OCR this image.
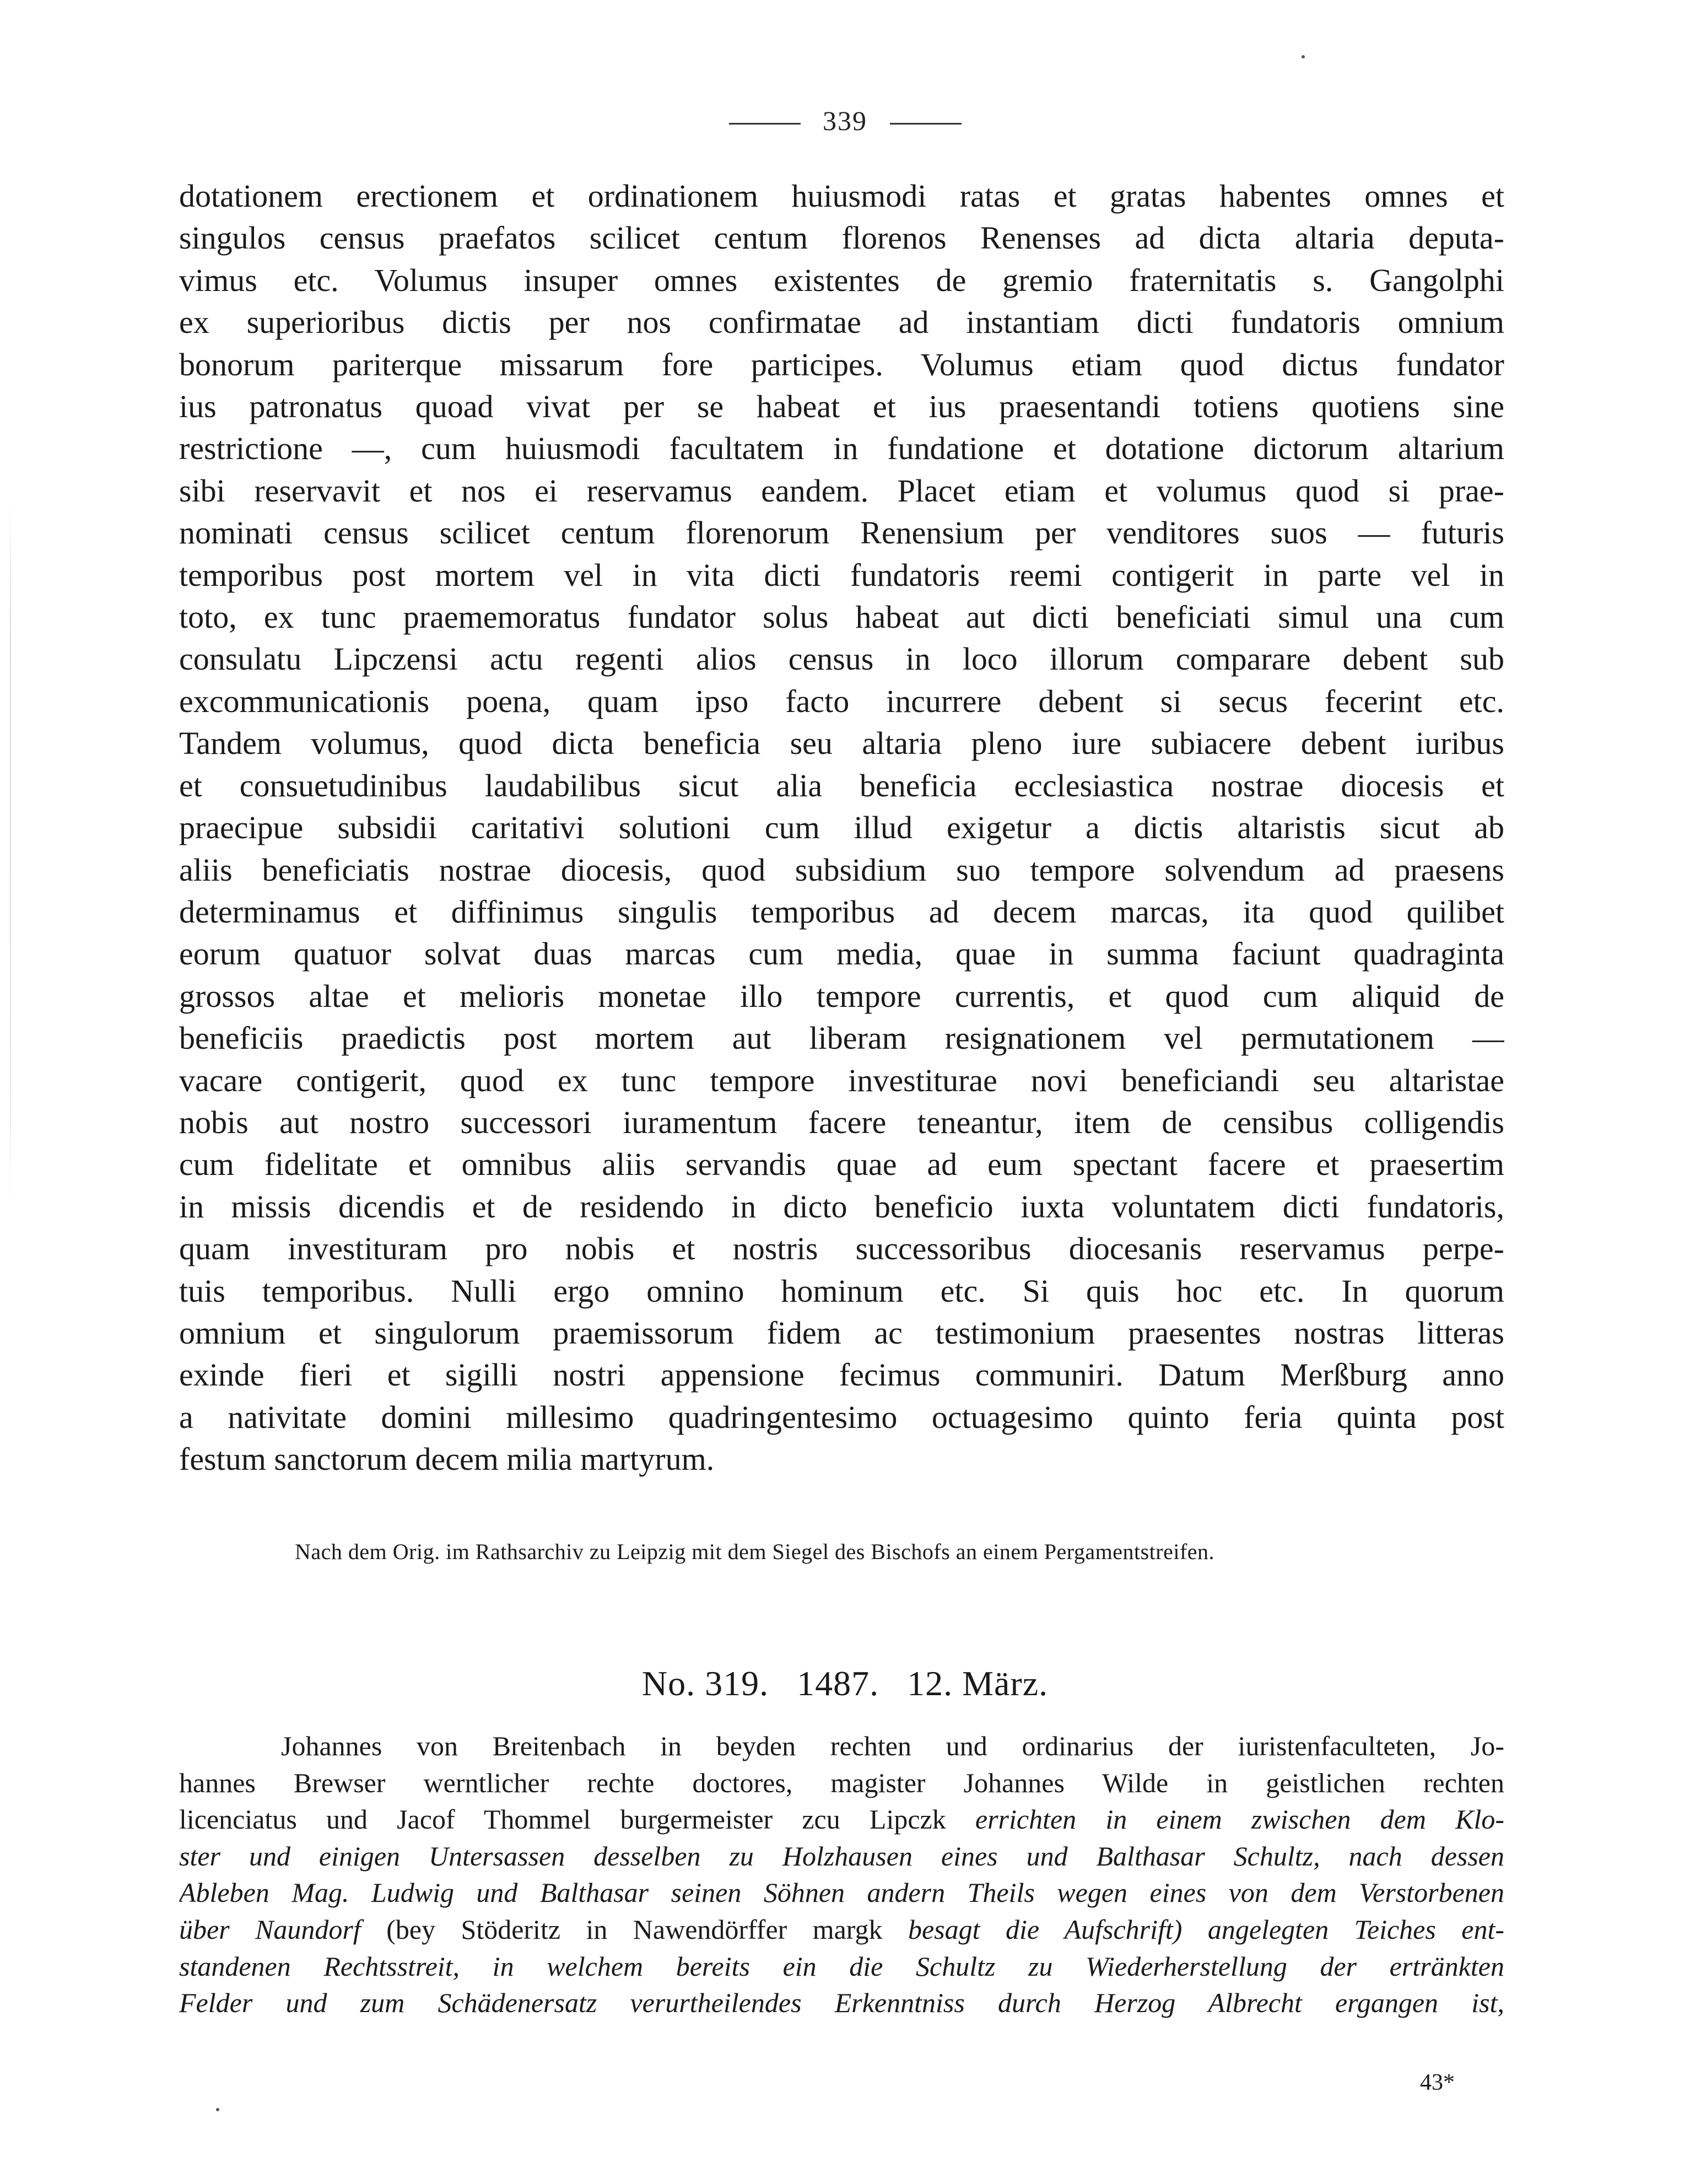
339
dotationem erectionem et ordinationem huiusmodi ratas et gratas habentes omnes et
singulos census praefatos scilicet centum florenos Renenses ad dicta altaria deputa-
vimus etc. Volumus insuper omnes existentes de gremio fraternitatis s. Gangolphi
ex superioribus dictis per nos confirmatae ad instantiam dicti fundatoris omnium
bonorum pariterque missarum fore participes. Volumus etiam quod dictus fundator
ius patronatus quoad vivat per se habeat et ius praesentandi totiens quotiens sine
restrictione —, cum huiusmodi facultatem in fundatione et dotatione dictorum altarium
sibi reservavit et nos ei reservamus eandem. Placet etiam et volumus quod si prae-
nominati census scilicet centum florenorum Renensium per venditores suos — futuris
temporibus post mortem vel in vita dicti fundatoris reemi contigerit in parte vel in
toto, ex tunc praememoratus fundator solus habeat aut dicti beneficiati simul una cum
consulatu Lipczensi actu regenti alios census in loco illorum comparare debent sub
excommunicationis poena, quam ipso facto incurrere debent si secus fecerint etc.
Tandem volumus, quod dicta beneficia seu altaria pleno iure subiacere debent iuribus
et consuetudinibus laudabilibus sicut alia beneficia ecclesiastica nostrae diocesis et
praecipue subsidii caritativi solutioni cum illud exigetur a dictis altaristis sicut ab
aliis beneficiatis nostrae diocesis, quod subsidium suo tempore solvendum ad praesens
determinamus et diffinimus singulis temporibus ad decem marcas, ita quod quilibet
eorum quatuor solvat duas marcas cum media, quae in summa faciunt quadraginta
grossos altae et melioris monetae illo tempore currentis, et quod cum aliquid de
beneficiis praedictis post mortem aut liberam resignationem vel permutationem —
vacare contigerit, quod ex tunc tempore investiturae novi beneficiandi seu altaristae
nobis aut nostro successori iuramentum facere teneantur, item de censibus colligendis
cum fidelitate et omnibus aliis servandis quae ad eum spectant facere et praesertim
in missis dicendis et de residendo in dicto beneficio iuxta voluntatem dicti fundatoris,
quam investituram pro nobis et nostris successoribus diocesanis reservamus perpe-
tuis temporibus. Nulli ergo omnino hominum etc. Si quis hoc etc. In quorum
omnium et singulorum praemissorum fidem ac testimonium praesentes nostras litteras
exinde fieri et sigilli nostri appensione fecimus communiri. Datum Merßburg anno
a nativitate domini millesimo quadringentesimo octuagesimo quinto feria quinta post
festum sanctorum decem milia martyrum.
Nach dem Orig. im Rathsarchiv zu Leipzig mit dem Siegel des Bischofs an einem Pergamentstreifen.
No. 319.   1487.   12. März.
Johannes von Breitenbach in beyden rechten und ordinarius der iuristenfaculteten, Jo-
hannes Brewser werntlicher rechte doctores, magister Johannes Wilde in geistlichen rechten
licenciatus und Jacof Thommel burgermeister zcu Lipczk errichten in einem zwischen dem Klo-
ster und einigen Untersassen desselben zu Holzhausen eines und Balthasar Schultz, nach dessen
Ableben Mag. Ludwig und Balthasar seinen Söhnen andern Theils wegen eines von dem Verstorbenen
über Naundorf (bey Stöderitz in Nawendörffer margk besagt die Aufschrift) angelegten Teiches ent-
standenen Rechtsstreit, in welchem bereits ein die Schultz zu Wiederherstellung der ertränkten
Felder und zum Schädenersatz verurtheilendes Erkenntniss durch Herzog Albrecht ergangen ist,
43*
